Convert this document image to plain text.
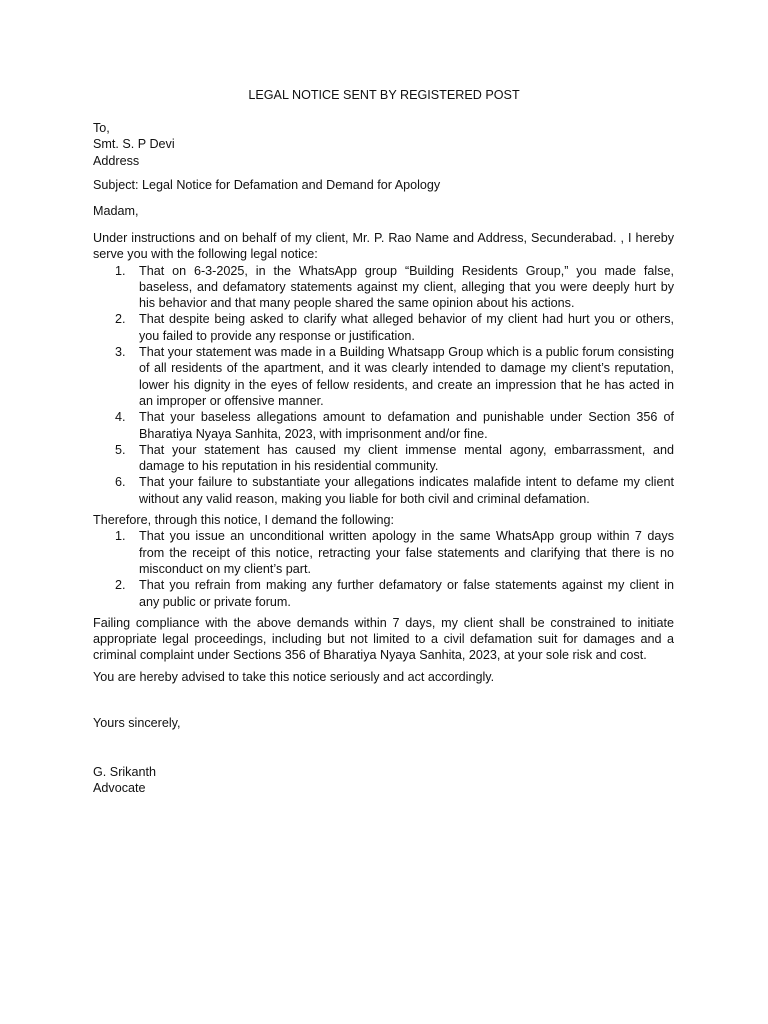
LEGAL NOTICE SENT BY REGISTERED POST
To,
Smt. S. P Devi
Address
Subject: Legal Notice for Defamation and Demand for Apology
Madam,

Under instructions and on behalf of my client, Mr. P. Rao Name and Address, Secunderabad. , I hereby serve you with the following legal notice:

1. That on 6-3-2025, in the WhatsApp group “Building Residents Group,” you made false, baseless, and defamatory statements against my client, alleging that you were deeply hurt by his behavior and that many people shared the same opinion about his actions.
2. That despite being asked to clarify what alleged behavior of my client had hurt you or others, you failed to provide any response or justification.
3. That your statement was made in a Building Whatsapp Group which is a public forum consisting of all residents of the apartment, and it was clearly intended to damage my client’s reputation, lower his dignity in the eyes of fellow residents, and create an impression that he has acted in an improper or offensive manner.
4. That your baseless allegations amount to defamation and punishable under Section 356 of Bharatiya Nyaya Sanhita, 2023, with imprisonment and/or fine.
5. That your statement has caused my client immense mental agony, embarrassment, and damage to his reputation in his residential community.
6. That your failure to substantiate your allegations indicates malafide intent to defame my client without any valid reason, making you liable for both civil and criminal defamation.

Therefore, through this notice, I demand the following:

1. That you issue an unconditional written apology in the same WhatsApp group within 7 days from the receipt of this notice, retracting your false statements and clarifying that there is no misconduct on my client’s part.
2. That you refrain from making any further defamatory or false statements against my client in any public or private forum.

Failing compliance with the above demands within 7 days, my client shall be constrained to initiate appropriate legal proceedings, including but not limited to a civil defamation suit for damages and a criminal complaint under Sections 356 of Bharatiya Nyaya Sanhita, 2023, at your sole risk and cost.

You are hereby advised to take this notice seriously and act accordingly.

Yours sincerely,
G. Srikanth
Advocate
